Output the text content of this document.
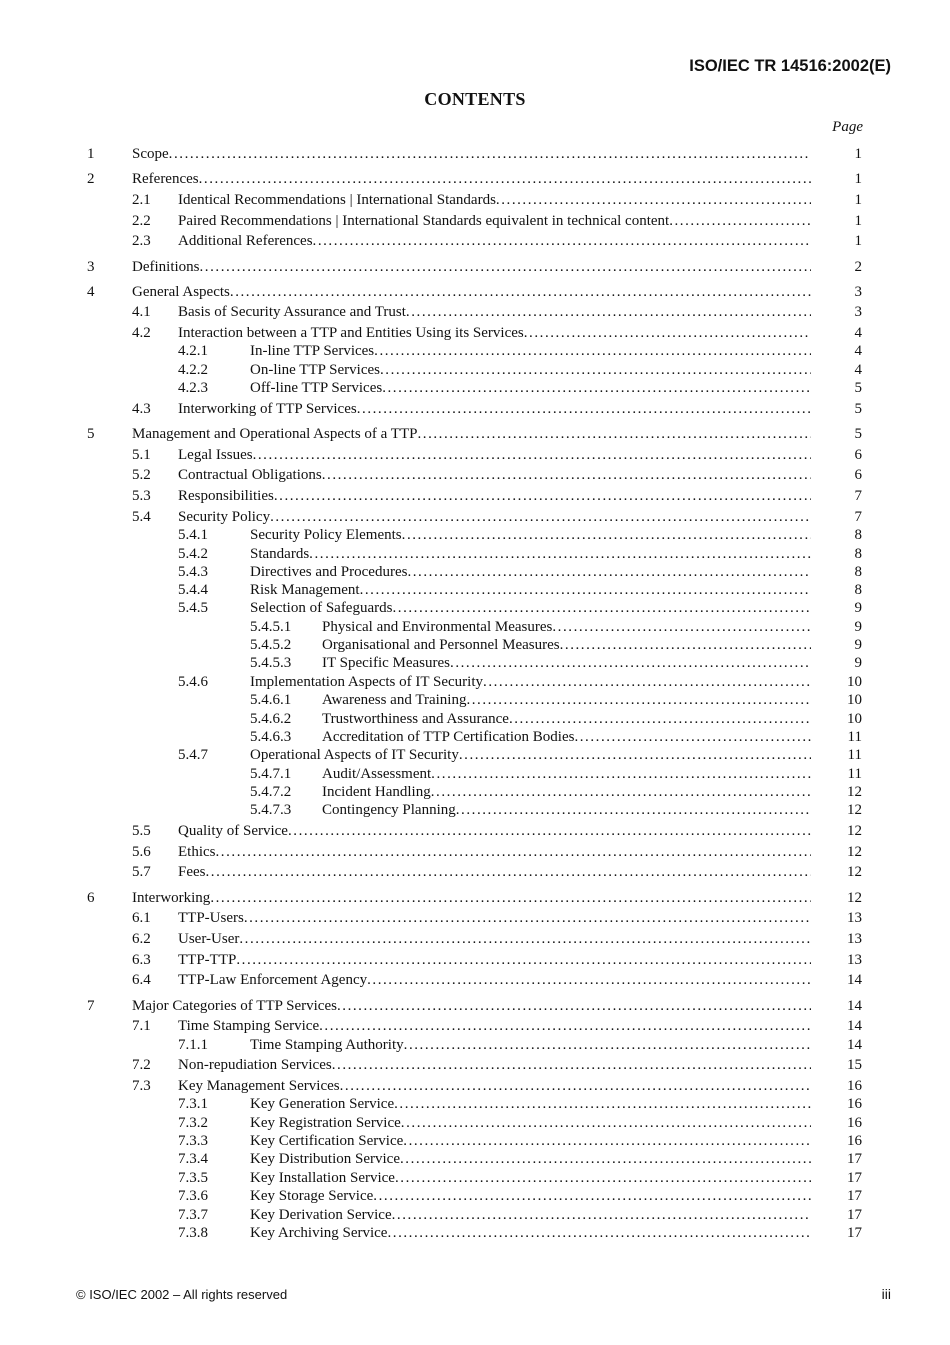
ISO/IEC TR 14516:2002(E)
CONTENTS
Page
1	Scope . . .	1
2	References . . .	1
2.1 Identical Recommendations | International Standards . . .	1
2.2 Paired Recommendations | International Standards equivalent in technical content . . .	1
2.3 Additional References . . .	1
3	Definitions . . .	2
4	General Aspects . . .	3
4.1 Basis of Security Assurance and Trust . . .	3
4.2 Interaction between a TTP and Entities Using its Services . . .	4
4.2.1	In-line TTP Services . . .	4
4.2.2	On-line TTP Services . . .	4
4.2.3	Off-line TTP Services . . .	5
4.3 Interworking of TTP Services . . .	5
5	Management and Operational Aspects of a TTP . . .	5
5.1 Legal Issues . . .	6
5.2 Contractual Obligations . . .	6
5.3 Responsibilities . . .	7
5.4 Security Policy . . .	7
5.4.1	Security Policy Elements . . .	8
5.4.2	Standards . . .	8
5.4.3	Directives and Procedures . . .	8
5.4.4	Risk Management . . .	8
5.4.5	Selection of Safeguards . . .	9
5.4.5.1 Physical and Environmental Measures . . .	9
5.4.5.2 Organisational and Personnel Measures . . .	9
5.4.5.3 IT Specific Measures . . .	9
5.4.6	Implementation Aspects of IT Security . . .	10
5.4.6.1 Awareness and Training . . .	10
5.4.6.2 Trustworthiness and Assurance . . .	10
5.4.6.3 Accreditation of TTP Certification Bodies . . .	11
5.4.7	Operational Aspects of IT Security . . .	11
5.4.7.1 Audit/Assessment . . .	11
5.4.7.2 Incident Handling . . .	12
5.4.7.3 Contingency Planning . . .	12
5.5 Quality of Service . . .	12
5.6 Ethics . . .	12
5.7 Fees . . .	12
6	Interworking . . .	12
6.1 TTP-Users . . .	13
6.2 User-User . . .	13
6.3 TTP-TTP . . .	13
6.4 TTP-Law Enforcement Agency . . .	14
7	Major Categories of TTP Services . . .	14
7.1 Time Stamping Service . . .	14
7.1.1	Time Stamping Authority . . .	14
7.2 Non-repudiation Services . . .	15
7.3 Key Management Services . . .	16
7.3.1	Key Generation Service . . .	16
7.3.2	Key Registration Service . . .	16
7.3.3	Key Certification Service . . .	16
7.3.4	Key Distribution Service . . .	17
7.3.5	Key Installation Service . . .	17
7.3.6	Key Storage Service . . .	17
7.3.7	Key Derivation Service . . .	17
7.3.8	Key Archiving Service . . .	17
© ISO/IEC 2002 – All rights reserved	iii
